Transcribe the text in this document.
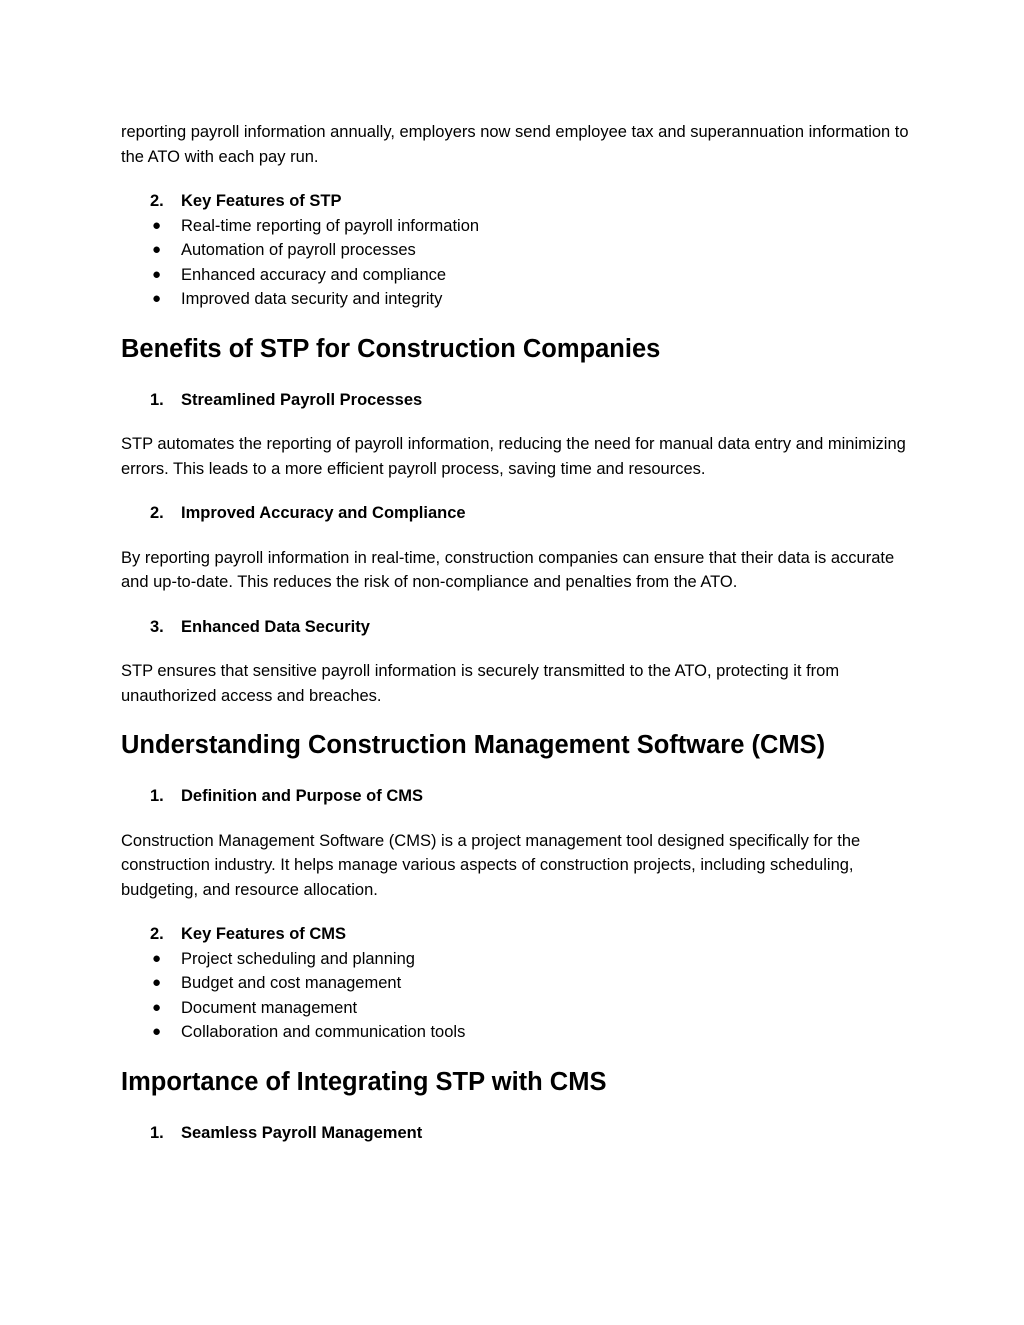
reporting payroll information annually, employers now send employee tax and superannuation information to the ATO with each pay run.

2. Key Features of STP
● Real-time reporting of payroll information
● Automation of payroll processes
● Enhanced accuracy and compliance
● Improved data security and integrity
Benefits of STP for Construction Companies
1. Streamlined Payroll Processes

STP automates the reporting of payroll information, reducing the need for manual data entry and minimizing errors. This leads to a more efficient payroll process, saving time and resources.

2. Improved Accuracy and Compliance

By reporting payroll information in real-time, construction companies can ensure that their data is accurate and up-to-date. This reduces the risk of non-compliance and penalties from the ATO.

3. Enhanced Data Security

STP ensures that sensitive payroll information is securely transmitted to the ATO, protecting it from unauthorized access and breaches.

Understanding Construction Management Software (CMS)
1. Definition and Purpose of CMS

Construction Management Software (CMS) is a project management tool designed specifically for the construction industry. It helps manage various aspects of construction projects, including scheduling, budgeting, and resource allocation.

2. Key Features of CMS
● Project scheduling and planning
● Budget and cost management
● Document management
● Collaboration and communication tools
Importance of Integrating STP with CMS
1. Seamless Payroll Management
